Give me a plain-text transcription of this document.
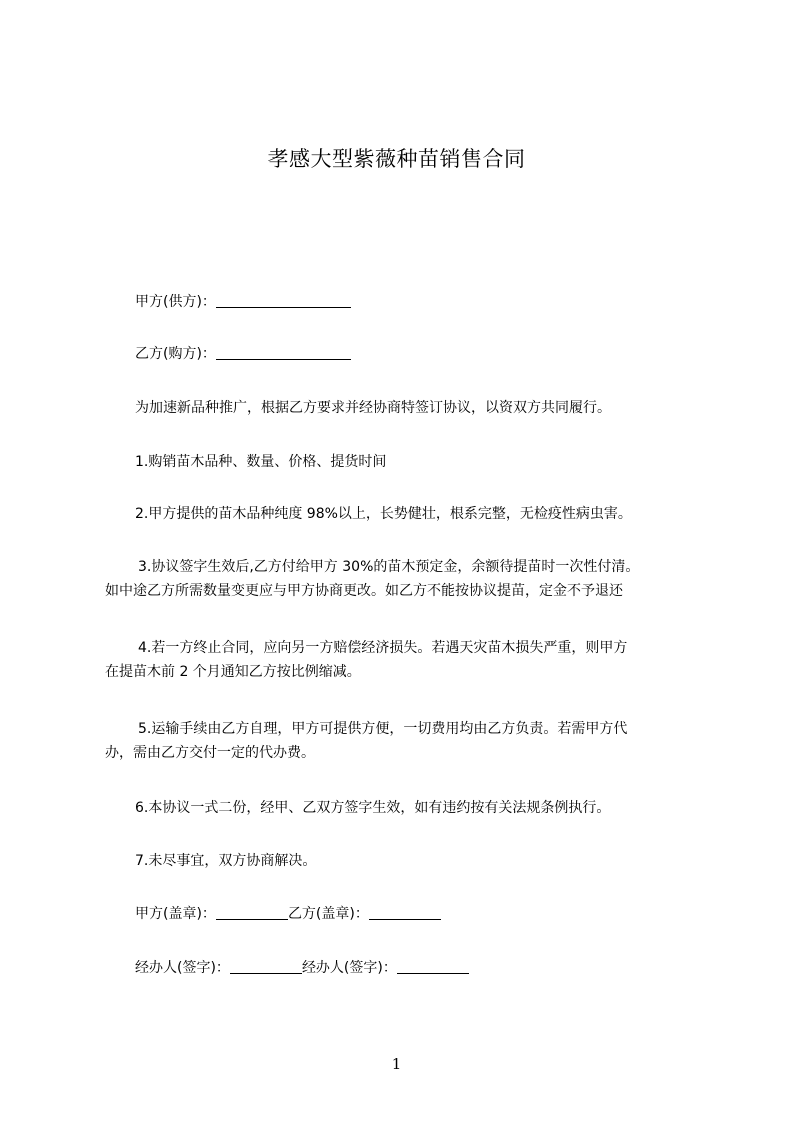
孝感大型紫薇种苗销售合同
甲方(供方)：
乙方(购方)：
为加速新品种推广，根据乙方要求并经协商特签订协议，以资双方共同履行。
1.购销苗木品种、数量、价格、提货时间
2.甲方提供的苗木品种纯度 98%以上，长势健壮，根系完整，无检疫性病虫害。
3.协议签字生效后,乙方付给甲方 30%的苗木预定金，余额待提苗时一次性付清。
如中途乙方所需数量变更应与甲方协商更改。如乙方不能按协议提苗，定金不予退还
4.若一方终止合同，应向另一方赔偿经济损失。若遇天灾苗木损失严重，则甲方
在提苗木前 2 个月通知乙方按比例缩减。
5.运输手续由乙方自理，甲方可提供方便，一切费用均由乙方负责。若需甲方代
办，需由乙方交付一定的代办费。
6.本协议一式二份，经甲、乙双方签字生效，如有违约按有关法规条例执行。
7.未尽事宜，双方协商解决。
甲方(盖章)：	乙方(盖章)：
经办人(签字)：	经办人(签字)：
1
